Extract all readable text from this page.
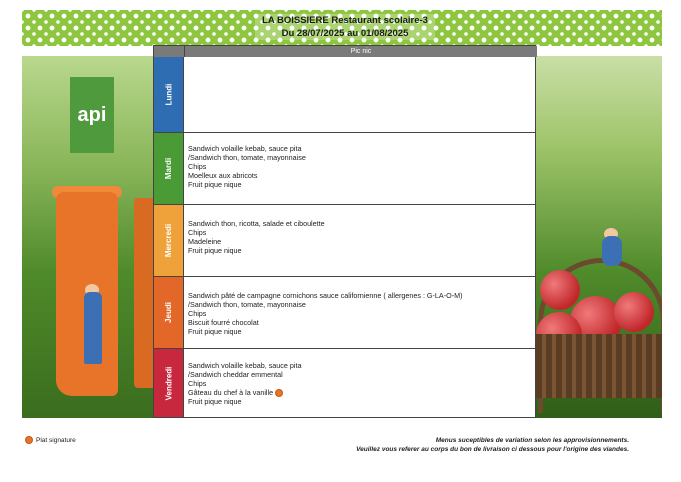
LA BOISSIERE Restaurant scolaire-3
Du 28/07/2025 au 01/08/2025
api
Pic nic
Lundi
Mardi
Sandwich volaille kebab, sauce pita
/Sandwich thon, tomate, mayonnaise
Chips
Moelleux aux abricots
Fruit pique nique
Mercredi
Sandwich thon, ricotta, salade et ciboulette
Chips
Madeleine
Fruit pique nique
Jeudi
Sandwich pâté de campagne cornichons sauce californienne ( allergenes : G-LA-O-M)
/Sandwich thon, tomate, mayonnaise
Chips
Biscuit fourré chocolat
Fruit pique nique
Vendredi
Sandwich volaille kebab, sauce pita
/Sandwich cheddar emmental
Chips
Gâteau du chef à la vanille
Fruit pique nique
Plat signature	Menus suceptibles de variation selon les approvisionnements.
Veuillez vous referer au corps du bon de livraison ci dessous pour l'origine des viandes.
